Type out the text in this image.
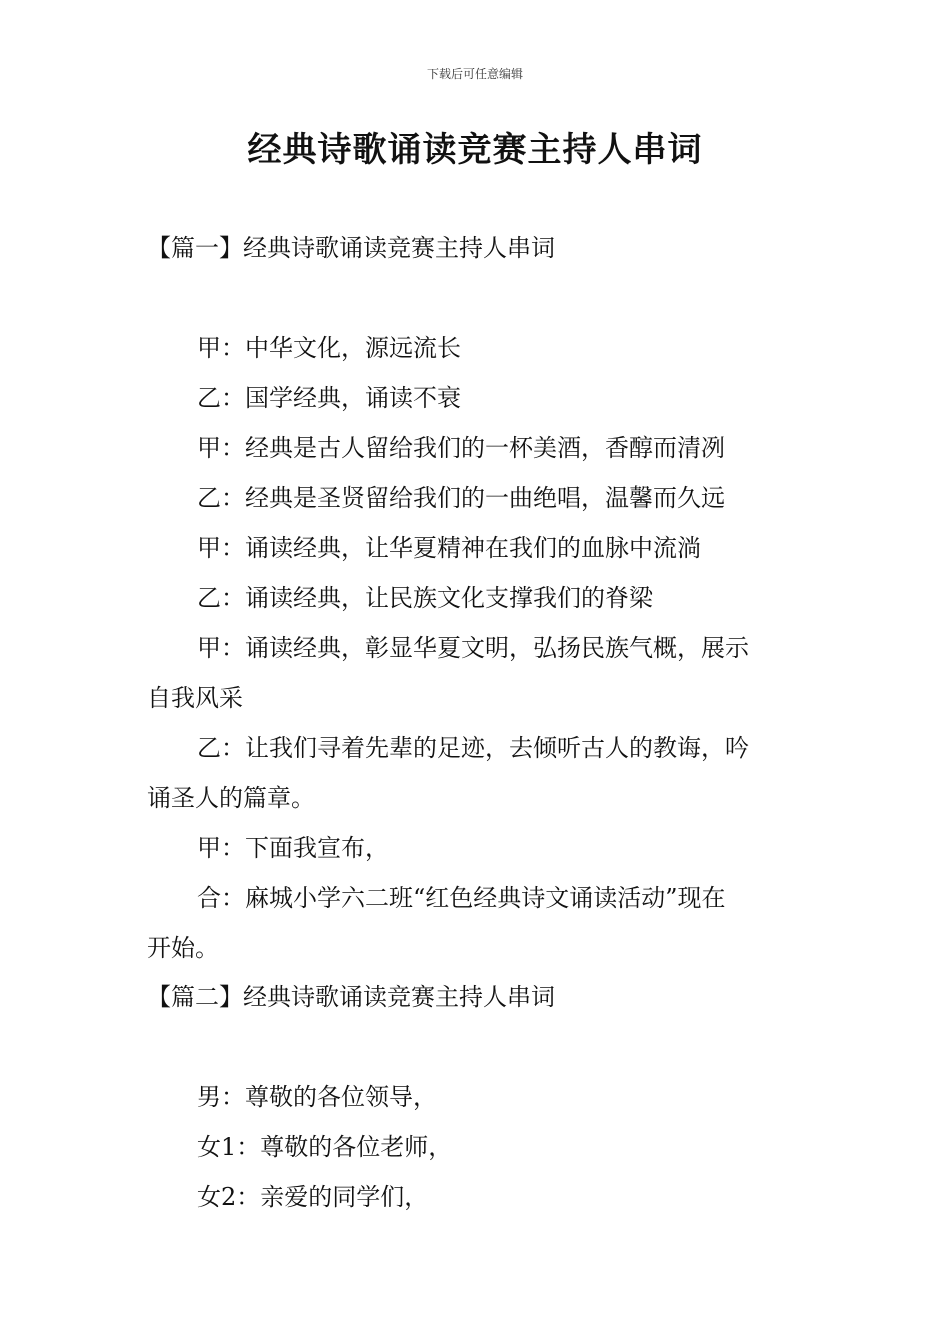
下载后可任意编辑
经典诗歌诵读竞赛主持人串词
【篇一】经典诗歌诵读竞赛主持人串词
甲：中华文化，源远流长
乙：国学经典，诵读不衰
甲：经典是古人留给我们的一杯美酒，香醇而清冽
乙：经典是圣贤留给我们的一曲绝唱，温馨而久远
甲：诵读经典，让华夏精神在我们的血脉中流淌
乙：诵读经典，让民族文化支撑我们的脊梁
甲：诵读经典，彰显华夏文明，弘扬民族气概，展示
自我风采
乙：让我们寻着先辈的足迹，去倾听古人的教诲，吟
诵圣人的篇章。
甲：下面我宣布，
合：麻城小学六二班“红色经典诗文诵读活动”现在
开始。
【篇二】经典诗歌诵读竞赛主持人串词
男：尊敬的各位领导，
女1：尊敬的各位老师，
女2：亲爱的同学们，
